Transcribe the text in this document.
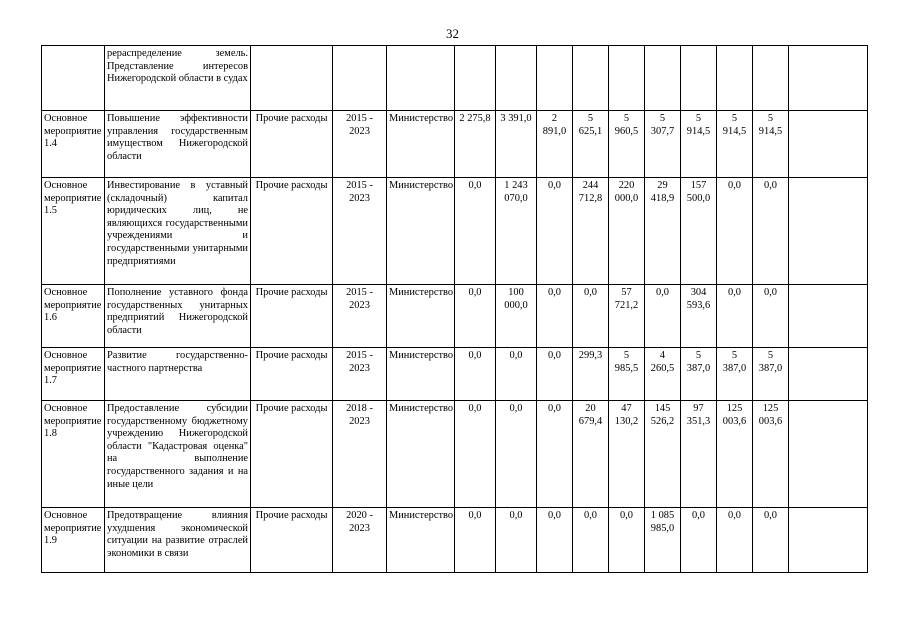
32
	рераспределение земель. Представление интересов Нижегородской области в судах														
Основное мероприятие 1.4	Повышение эффективности управления государственным имуществом Нижегородской области	Прочие расходы	2015 - 2023	Министерство	2 275,8	3 391,0	2 891,0	5 625,1	5 960,5	5 307,7	5 914,5	5 914,5	5 914,5		
Основное мероприятие 1.5	Инвестирование в уставный (складочный) капитал юридических лиц, не являющихся государственными учреждениями и государственными унитарными предприятиями	Прочие расходы	2015 - 2023	Министерство	0,0	1 243 070,0	0,0	244 712,8	220 000,0	29 418,9	157 500,0	0,0	0,0		
Основное мероприятие 1.6	Пополнение уставного фонда государственных унитарных предприятий Нижегородской области	Прочие расходы	2015 - 2023	Министерство	0,0	100 000,0	0,0	0,0	57 721,2	0,0	304 593,6	0,0	0,0		
Основное мероприятие 1.7	Развитие государственно-частного партнерства	Прочие расходы	2015 - 2023	Министерство	0,0	0,0	0,0	299,3	5 985,5	4 260,5	5 387,0	5 387,0	5 387,0		
Основное мероприятие 1.8	Предоставление субсидии государственному бюджетному учреждению Нижегородской области "Кадастровая оценка" на выполнение государственного задания и на иные цели	Прочие расходы	2018 - 2023	Министерство	0,0	0,0	0,0	20 679,4	47 130,2	145 526,2	97 351,3	125 003,6	125 003,6		
Основное мероприятие 1.9	Предотвращение влияния ухудшения экономической ситуации на развитие отраслей экономики в связи	Прочие расходы	2020 - 2023	Министерство	0,0	0,0	0,0	0,0	0,0	1 085 985,0	0,0	0,0	0,0		
